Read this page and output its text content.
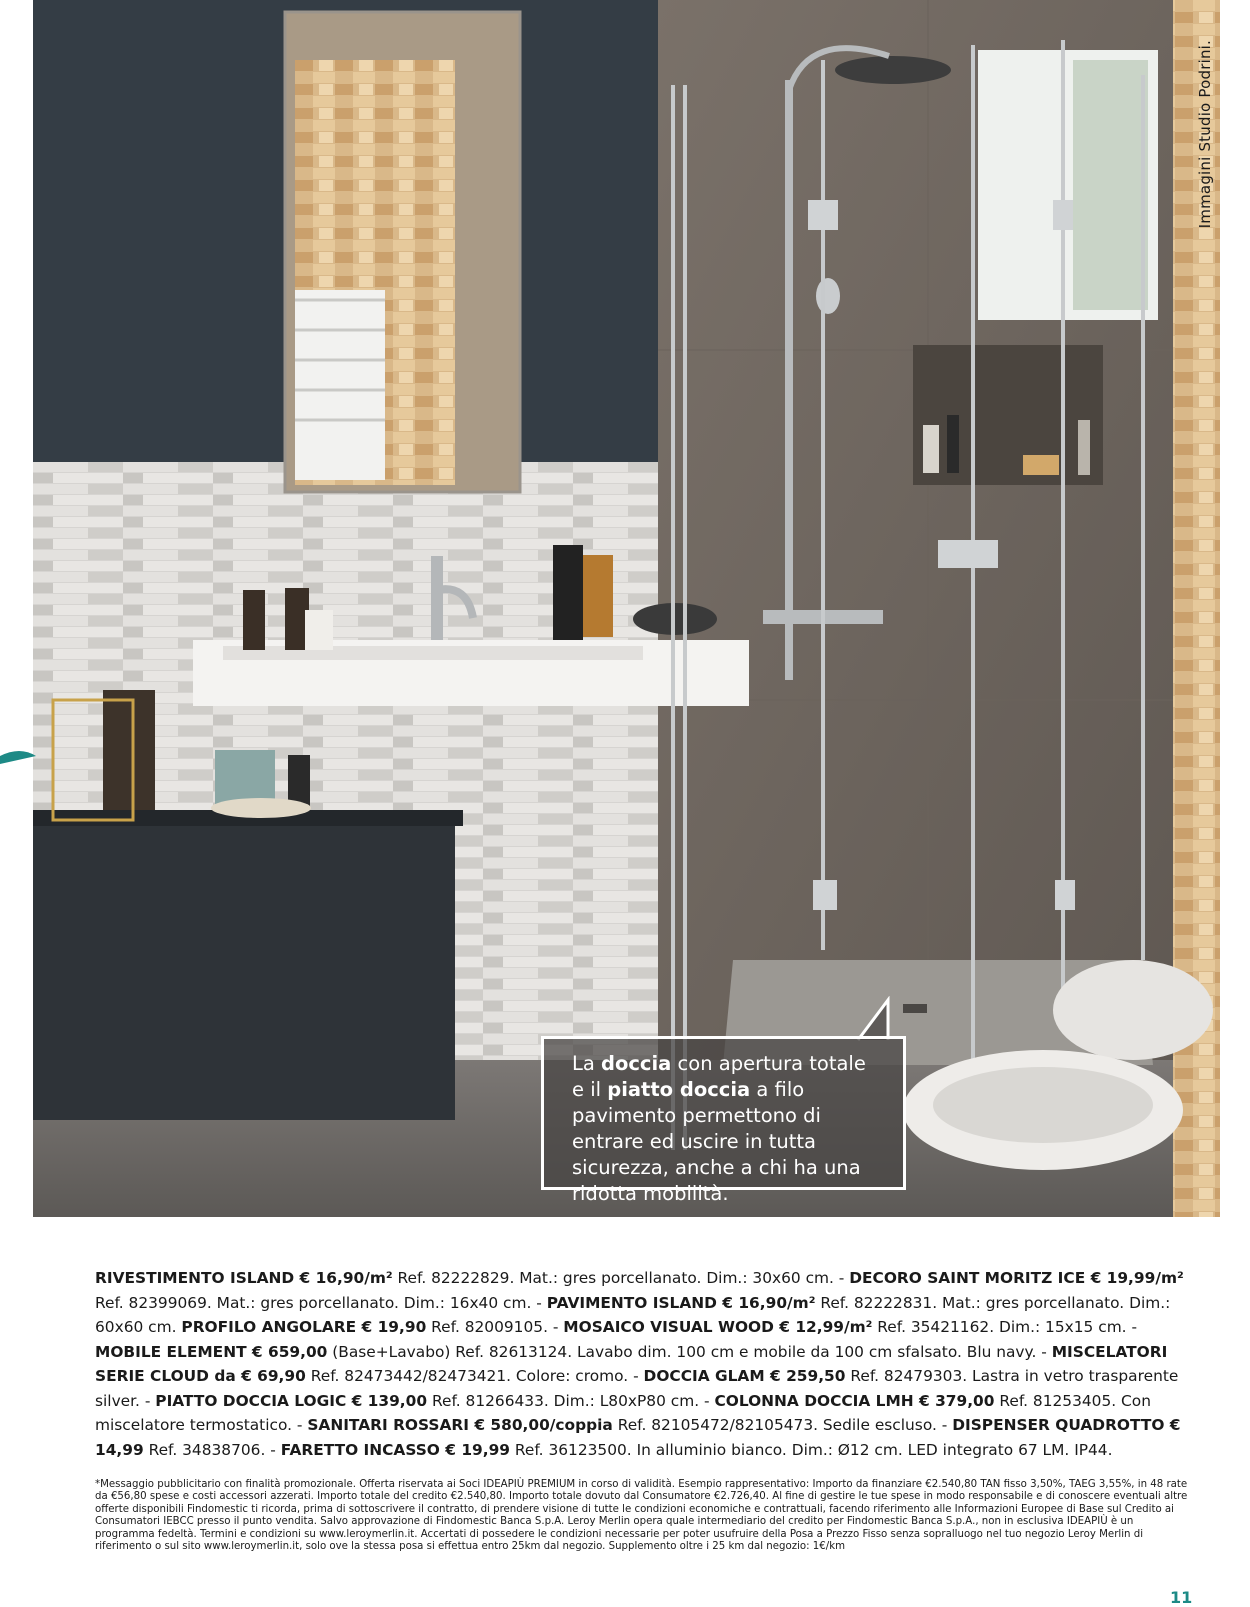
Immagini Studio Podrini.
La doccia con apertura totale e il piatto doccia a filo pavimento permettono di entrare ed uscire in tutta sicurezza, anche a chi ha una ridotta mobilità.
RIVESTIMENTO ISLAND € 16,90/m² Ref. 82222829. Mat.: gres porcellanato. Dim.: 30x60 cm. - DECORO SAINT MORITZ ICE € 19,99/m² Ref. 82399069. Mat.: gres porcellanato. Dim.: 16x40 cm. - PAVIMENTO ISLAND € 16,90/m² Ref. 82222831. Mat.: gres porcellanato. Dim.: 60x60 cm. PROFILO ANGOLARE € 19,90 Ref. 82009105. - MOSAICO VISUAL WOOD € 12,99/m² Ref. 35421162. Dim.: 15x15 cm. - MOBILE ELEMENT € 659,00 (Base+Lavabo) Ref. 82613124. Lavabo dim. 100 cm e mobile da 100 cm sfalsato. Blu navy. - MISCELATORI SERIE CLOUD da € 69,90 Ref. 82473442/82473421. Colore: cromo. - DOCCIA GLAM € 259,50 Ref. 82479303. Lastra in vetro trasparente silver. - PIATTO DOCCIA LOGIC € 139,00 Ref. 81266433. Dim.: L80xP80 cm. - COLONNA DOCCIA LMH € 379,00 Ref. 81253405. Con miscelatore termostatico. - SANITARI ROSSARI € 580,00/coppia Ref. 82105472/82105473. Sedile escluso. - DISPENSER QUADROTTO € 14,99 Ref. 34838706. - FARETTO INCASSO € 19,99 Ref. 36123500. In alluminio bianco. Dim.: Ø12 cm. LED integrato 67 LM. IP44.
*Messaggio pubblicitario con finalità promozionale. Offerta riservata ai Soci IDEAPIÙ PREMIUM in corso di validità. Esempio rappresentativo: Importo da finanziare €2.540,80 TAN fisso 3,50%, TAEG 3,55%, in 48 rate da €56,80 spese e costi accessori azzerati. Importo totale del credito €2.540,80. Importo totale dovuto dal Consumatore €2.726,40. Al fine di gestire le tue spese in modo responsabile e di conoscere eventuali altre offerte disponibili Findomestic ti ricorda, prima di sottoscrivere il contratto, di prendere visione di tutte le condizioni economiche e contrattuali, facendo riferimento alle Informazioni Europee di Base sul Credito ai Consumatori IEBCC presso il punto vendita. Salvo approvazione di Findomestic Banca S.p.A. Leroy Merlin opera quale intermediario del credito per Findomestic Banca S.p.A., non in esclusiva IDEAPIÙ è un programma fedeltà. Termini e condizioni su www.leroymerlin.it. Accertati di possedere le condizioni necessarie per poter usufruire della Posa a Prezzo Fisso senza sopralluogo nel tuo negozio Leroy Merlin di riferimento o sul sito www.leroymerlin.it, solo ove la stessa posa si effettua entro 25km dal negozio. Supplemento oltre i 25 km dal negozio: 1€/km
11
